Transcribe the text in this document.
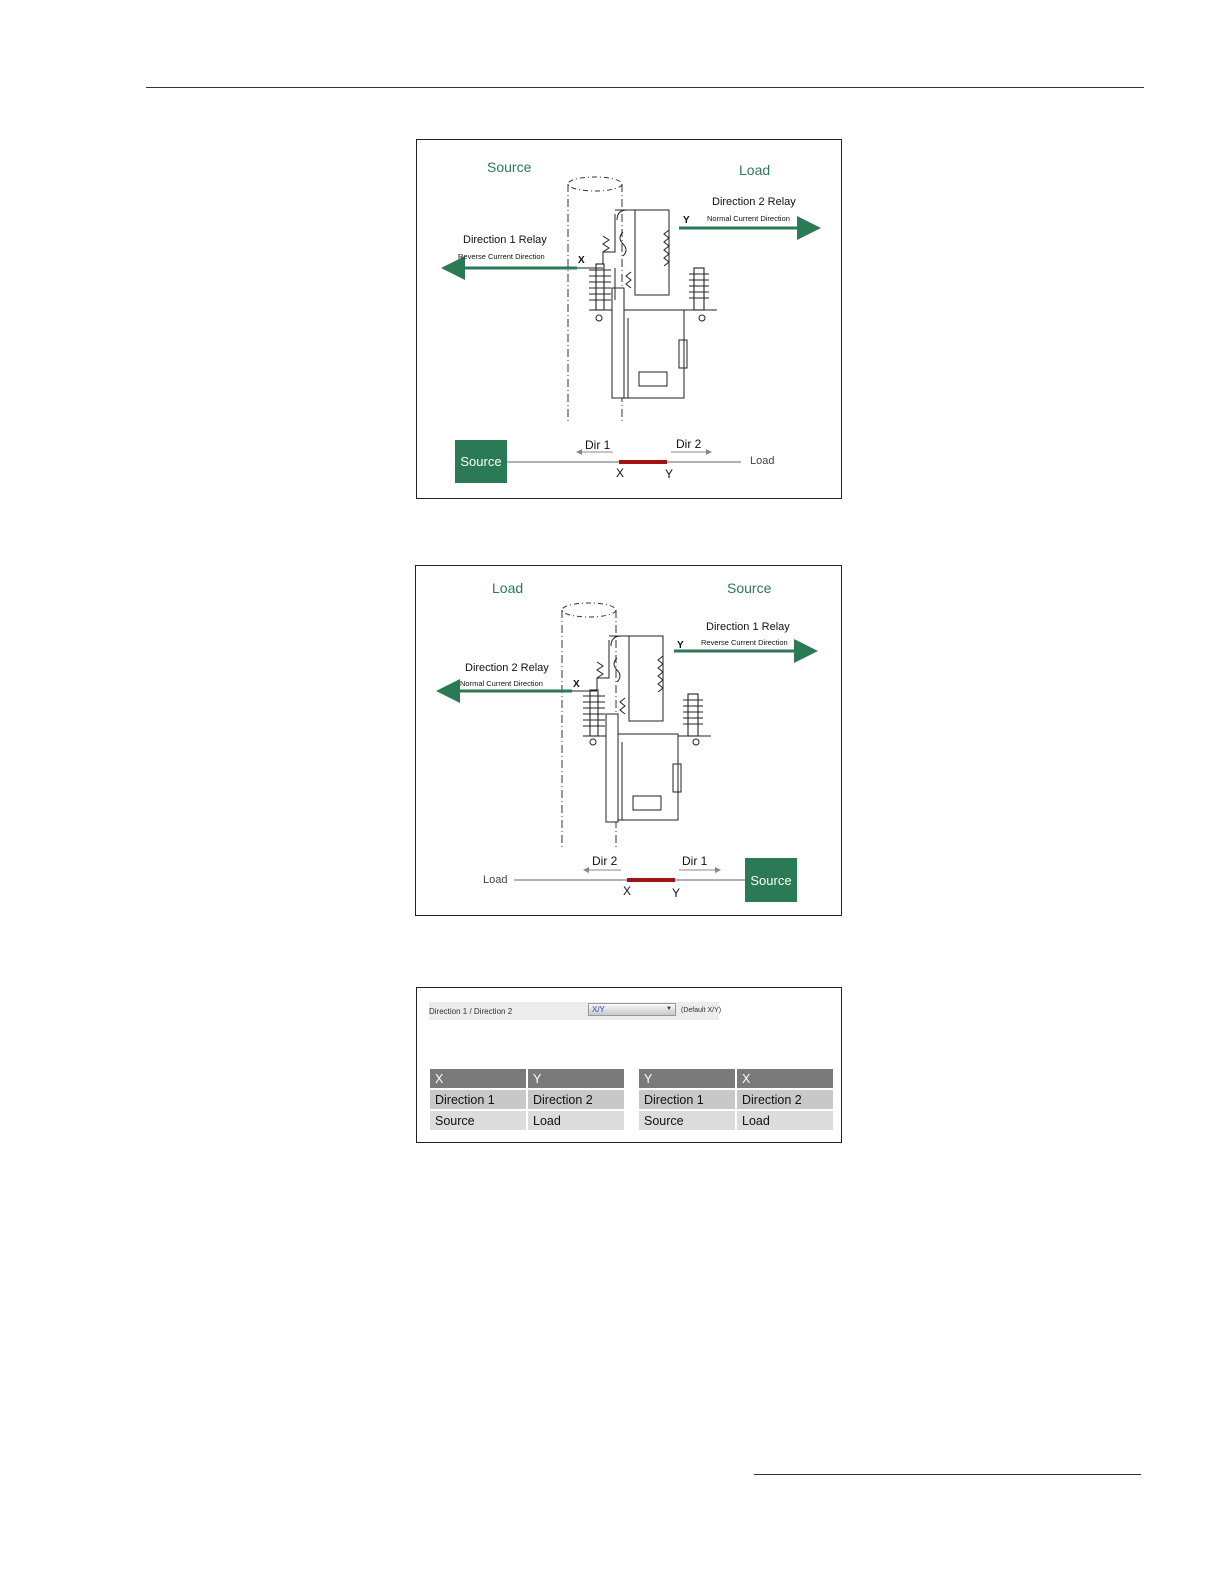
Source	Load
Direction 2 Relay
Normal Current Direction
Direction 1 Relay
Reverse Current Direction	X
Y
Source
Dir 1	Dir 2
X	Y
Load
Load	Source
Direction 1 Relay
Reverse Current Direction
Direction 2 Relay
Normal Current Direction	X
Y
Load
Dir 2	Dir 1
X	Y
Source
Direction 1 / Direction 2	X/Y	▼ (Default X/Y)
X	Y
Direction 1	Direction 2
Source	Load
Y	X
Direction 1	Direction 2
Source	Load
